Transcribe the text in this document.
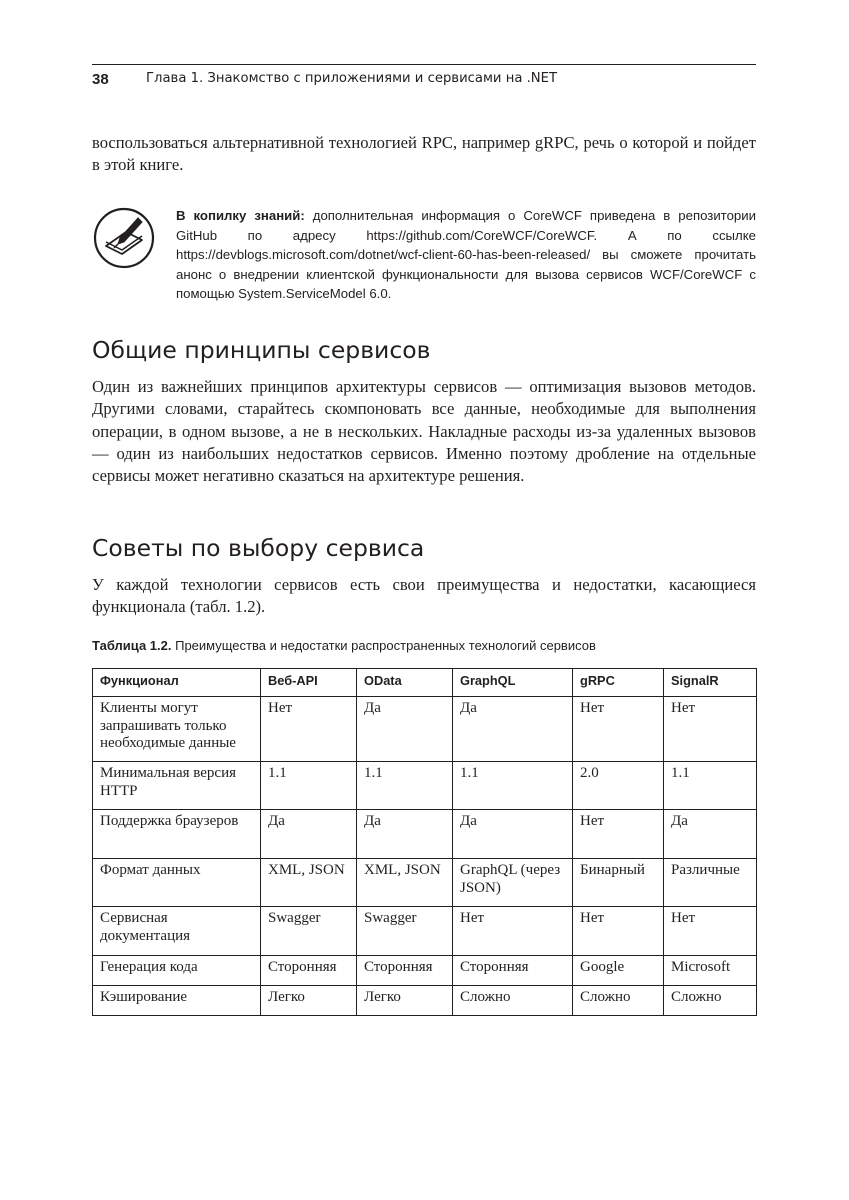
38	Глава 1. Знакомство с приложениями и сервисами на .NET

воспользоваться альтернативной технологией RPC, например gRPC, речь о которой и пойдет в этой книге.

В копилку знаний: дополнительная информация о CoreWCF приведена в репозитории GitHub по адресу https://github.com/CoreWCF/CoreWCF. А по ссылке https://devblogs.microsoft.com/dotnet/wcf-client-60-has-been-released/ вы сможете прочитать анонс о внедрении клиентской функциональности для вызова сервисов WCF/CoreWCF с помощью System.ServiceModel 6.0.

Общие принципы сервисов

Один из важнейших принципов архитектуры сервисов — оптимизация вызовов методов. Другими словами, старайтесь скомпоновать все данные, необходимые для выполнения операции, в одном вызове, а не в нескольких. Накладные расходы из-за удаленных вызовов — один из наибольших недостатков сервисов. Именно поэтому дробление на отдельные сервисы может негативно сказаться на архитектуре решения.

Советы по выбору сервиса

У каждой технологии сервисов есть свои преимущества и недостатки, касающиеся функционала (табл. 1.2).

Таблица 1.2. Преимущества и недостатки распространенных технологий сервисов

Функционал	Веб-API	OData	GraphQL	gRPC	SignalR
Клиенты могут запрашивать только необходимые данные	Нет	Да	Да	Нет	Нет
Минимальная версия HTTP	1.1	1.1	1.1	2.0	1.1
Поддержка браузеров	Да	Да	Да	Нет	Да
Формат данных	XML, JSON	XML, JSON	GraphQL (через JSON)	Бинарный	Различные
Сервисная документация	Swagger	Swagger	Нет	Нет	Нет
Генерация кода	Сторонняя	Сторонняя	Сторонняя	Google	Microsoft
Кэширование	Легко	Легко	Сложно	Сложно	Сложно
